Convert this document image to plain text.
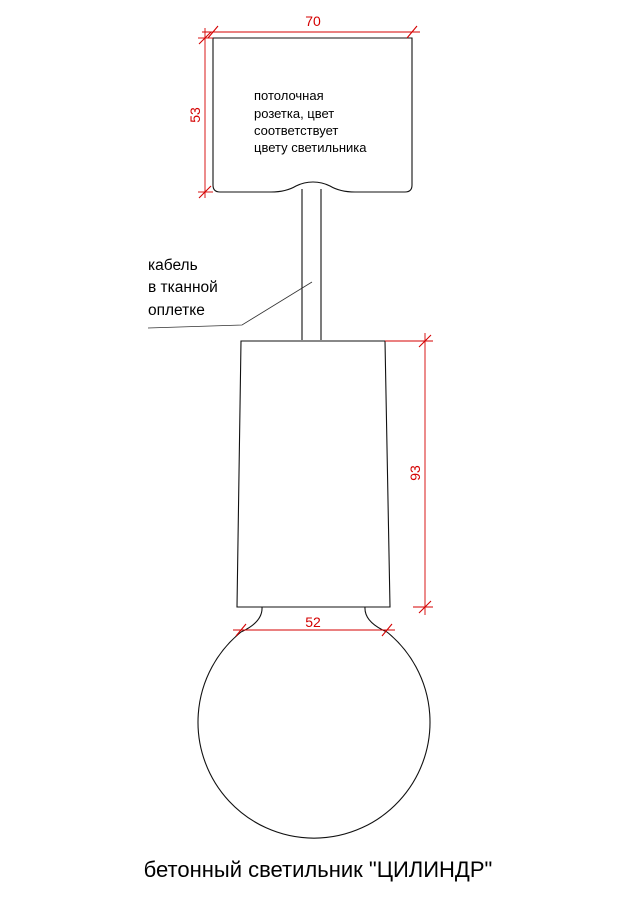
потолочная
розетка, цвет
соответствует
цвету светильника
кабель
в тканной
оплетке
70
53
93
52
бетонный светильник "ЦИЛИНДР"
